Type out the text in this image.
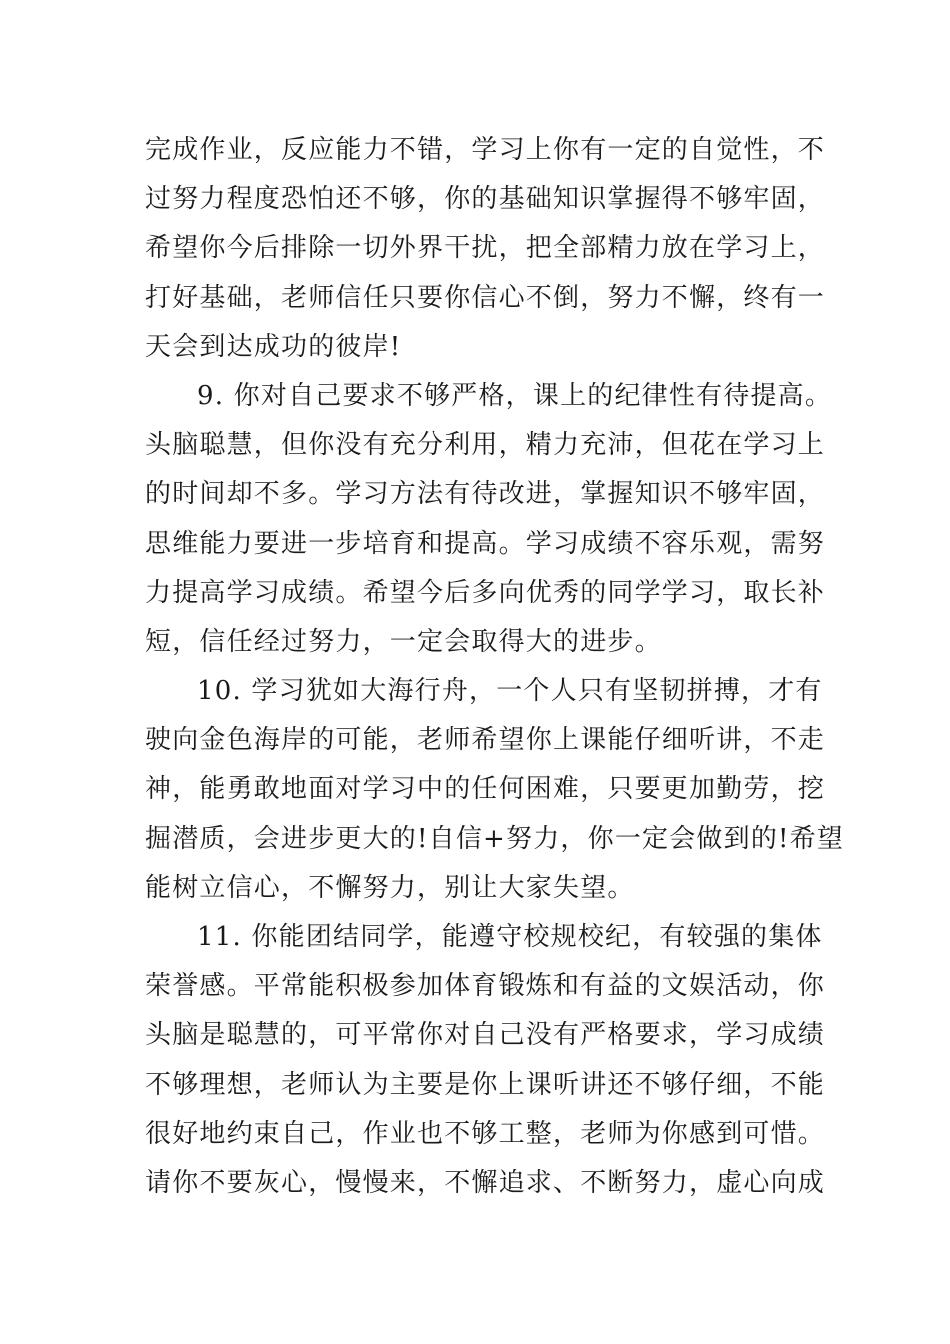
完成作业，反应能力不错，学习上你有一定的自觉性，不
过努力程度恐怕还不够，你的基础知识掌握得不够牢固，
希望你今后排除一切外界干扰，把全部精力放在学习上，
打好基础，老师信任只要你信心不倒，努力不懈，终有一
天会到达成功的彼岸!
9. 你对自己要求不够严格，课上的纪律性有待提高。
头脑聪慧，但你没有充分利用，精力充沛，但花在学习上
的时间却不多。学习方法有待改进，掌握知识不够牢固，
思维能力要进一步培育和提高。学习成绩不容乐观，需努
力提高学习成绩。希望今后多向优秀的同学学习，取长补
短，信任经过努力，一定会取得大的进步。
10. 学习犹如大海行舟，一个人只有坚韧拼搏，才有
驶向金色海岸的可能，老师希望你上课能仔细听讲，不走
神，能勇敢地面对学习中的任何困难，只要更加勤劳，挖
掘潜质，会进步更大的!自信+努力，你一定会做到的!希望
能树立信心，不懈努力，别让大家失望。
11. 你能团结同学，能遵守校规校纪，有较强的集体
荣誉感。平常能积极参加体育锻炼和有益的文娱活动，你
头脑是聪慧的，可平常你对自己没有严格要求，学习成绩
不够理想，老师认为主要是你上课听讲还不够仔细，不能
很好地约束自己，作业也不够工整，老师为你感到可惜。
请你不要灰心，慢慢来，不懈追求、不断努力，虚心向成
